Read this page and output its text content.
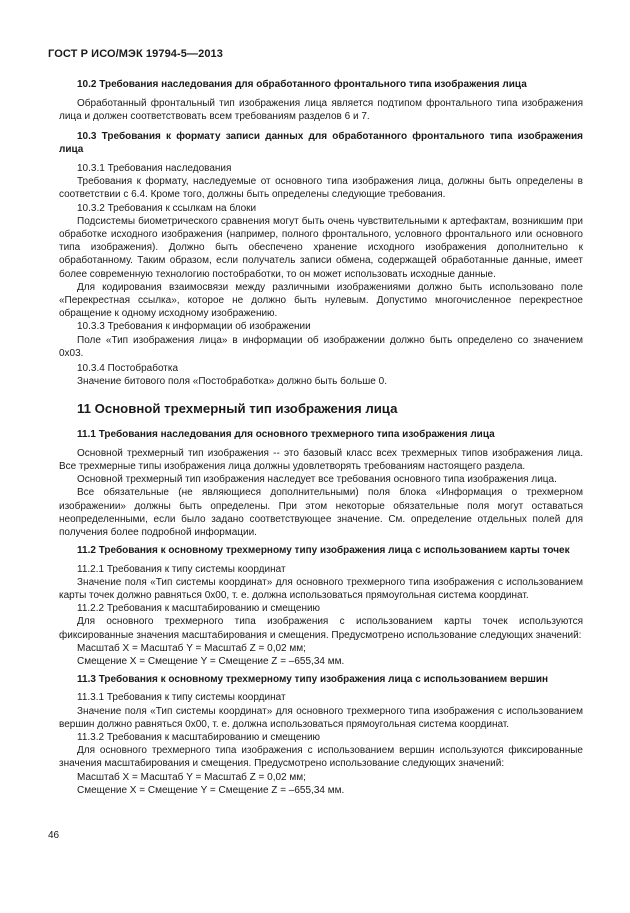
ГОСТ Р ИСО/МЭК 19794-5—2013

10.2 Требования наследования для обработанного фронтального типа изображения лица

Обработанный фронтальный тип изображения лица является подтипом фронтального типа изображения лица и должен соответствовать всем требованиям разделов 6 и 7.

10.3 Требования к формату записи данных для обработанного фронтального типа изображения лица

10.3.1 Требования наследования

Требования к формату, наследуемые от основного типа изображения лица, должны быть определены в соответствии с 6.4. Кроме того, должны быть определены следующие требования.

10.3.2 Требования к ссылкам на блоки

Подсистемы биометрического сравнения могут быть очень чувствительными к артефактам, возникшим при обработке исходного изображения (например, полного фронтального, условного фронтального или основного типа изображения). Должно быть обеспечено хранение исходного изображения дополнительно к обработанному. Таким образом, если получатель записи обмена, содержащей обработанные данные, имеет более современную технологию постобработки, то он может использовать исходные данные.

Для кодирования взаимосвязи между различными изображениями должно быть использовано поле «Перекрестная ссылка», которое не должно быть нулевым. Допустимо многочисленное перекрестное обращение к одному исходному изображению.

10.3.3 Требования к информации об изображении

Поле «Тип изображения лица» в информации об изображении должно быть определено со значением 0x03.

10.3.4 Постобработка

Значение битового поля «Постобработка» должно быть больше 0.

11 Основной трехмерный тип изображения лица

11.1 Требования наследования для основного трехмерного типа изображения лица

Основной трехмерный тип изображения -- это базовый класс всех трехмерных типов изображения лица. Все трехмерные типы изображения лица должны удовлетворять требованиям настоящего раздела.

Основной трехмерный тип изображения наследует все требования основного типа изображения лица.

Все обязательные (не являющиеся дополнительными) поля блока «Информация о трехмерном изображении» должны быть определены. При этом некоторые обязательные поля могут оставаться неопределенными, если было задано соответствующее значение. См. определение отдельных полей для получения более подробной информации.

11.2 Требования к основному трехмерному типу изображения лица с использованием карты точек

11.2.1 Требования к типу системы координат

Значение поля «Тип системы координат» для основного трехмерного типа изображения с использованием карты точек должно равняться 0x00, т. е. должна использоваться прямоугольная система координат.

11.2.2 Требования к масштабированию и смещению

Для основного трехмерного типа изображения с использованием карты точек используются фиксированные значения масштабирования и смещения. Предусмотрено использование следующих значений:

Масштаб X = Масштаб Y = Масштаб Z = 0,02 мм;

Смещение X = Смещение Y = Смещение Z = –655,34 мм.

11.3 Требования к основному трехмерному типу изображения лица с использованием вершин

11.3.1 Требования к типу системы координат

Значение поля «Тип системы координат» для основного трехмерного типа изображения с использованием вершин должно равняться 0x00, т. е. должна использоваться прямоугольная система координат.

11.3.2 Требования к масштабированию и смещению

Для основного трехмерного типа изображения с использованием вершин используются фиксированные значения масштабирования и смещения. Предусмотрено использование следующих значений:

Масштаб X = Масштаб Y = Масштаб Z = 0,02 мм;

Смещение X = Смещение Y = Смещение Z = –655,34 мм.

46
